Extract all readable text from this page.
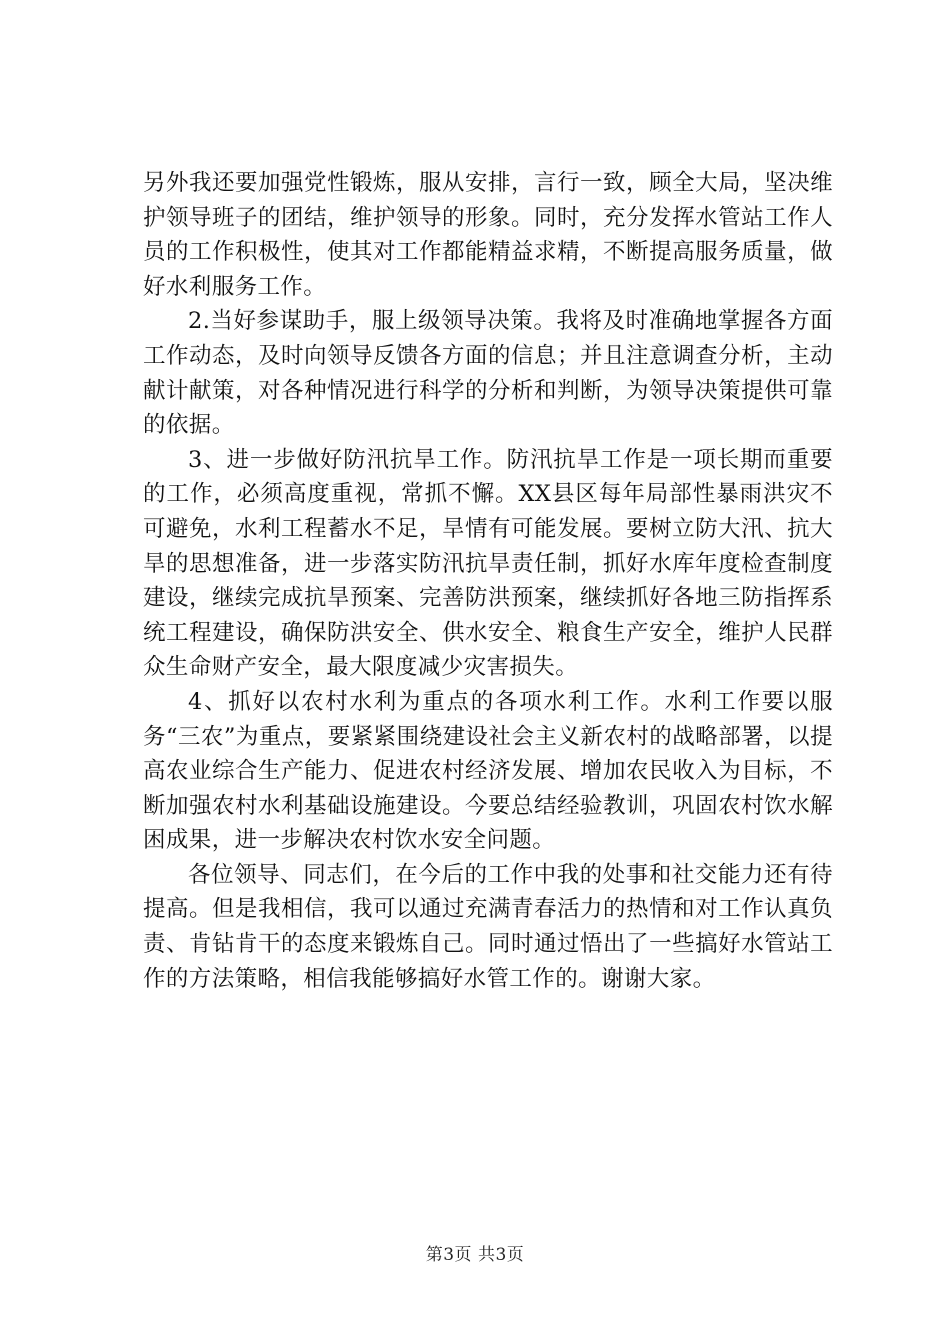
另外我还要加强党性锻炼，服从安排，言行一致，顾全大局，坚决维护领导班子的团结，维护领导的形象。同时，充分发挥水管站工作人员的工作积极性，使其对工作都能精益求精，不断提高服务质量，做好水利服务工作。

2.当好参谋助手，服上级领导决策。我将及时准确地掌握各方面工作动态，及时向领导反馈各方面的信息；并且注意调查分析，主动献计献策，对各种情况进行科学的分析和判断，为领导决策提供可靠的依据。

3、进一步做好防汛抗旱工作。防汛抗旱工作是一项长期而重要的工作，必须高度重视，常抓不懈。XX县区每年局部性暴雨洪灾不可避免，水利工程蓄水不足，旱情有可能发展。要树立防大汛、抗大旱的思想准备，进一步落实防汛抗旱责任制，抓好水库年度检查制度建设，继续完成抗旱预案、完善防洪预案，继续抓好各地三防指挥系统工程建设，确保防洪安全、供水安全、粮食生产安全，维护人民群众生命财产安全，最大限度减少灾害损失。

4、抓好以农村水利为重点的各项水利工作。水利工作要以服务“三农”为重点，要紧紧围绕建设社会主义新农村的战略部署，以提高农业综合生产能力、促进农村经济发展、增加农民收入为目标，不断加强农村水利基础设施建设。今要总结经验教训，巩固农村饮水解困成果，进一步解决农村饮水安全问题。

各位领导、同志们，在今后的工作中我的处事和社交能力还有待提高。但是我相信，我可以通过充满青春活力的热情和对工作认真负责、肯钻肯干的态度来锻炼自己。同时通过悟出了一些搞好水管站工作的方法策略，相信我能够搞好水管工作的。谢谢大家。

第3页 共3页
